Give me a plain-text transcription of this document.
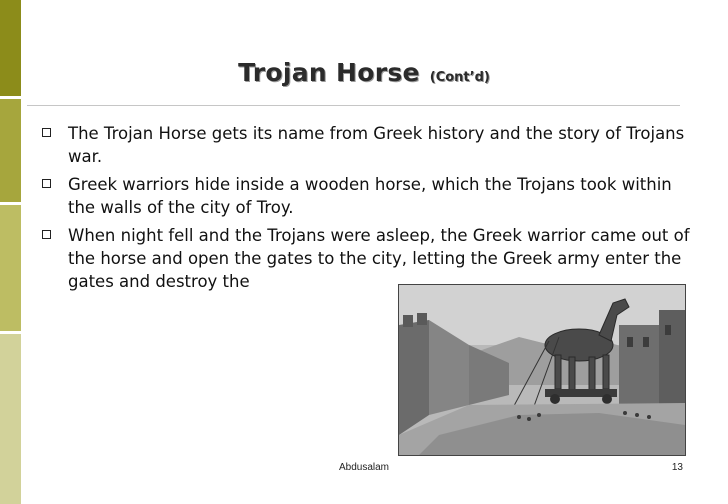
Trojan Horse (Cont’d)
The Trojan Horse gets its name from Greek history and the story of Trojans war.
Greek warriors hide inside a wooden horse, which the Trojans took within the walls of the city of Troy.
When night fell and the Trojans were asleep, the Greek warrior came out of the horse and open the gates to the city, letting the Greek army enter the gates and destroy the
Abdusalam	13
